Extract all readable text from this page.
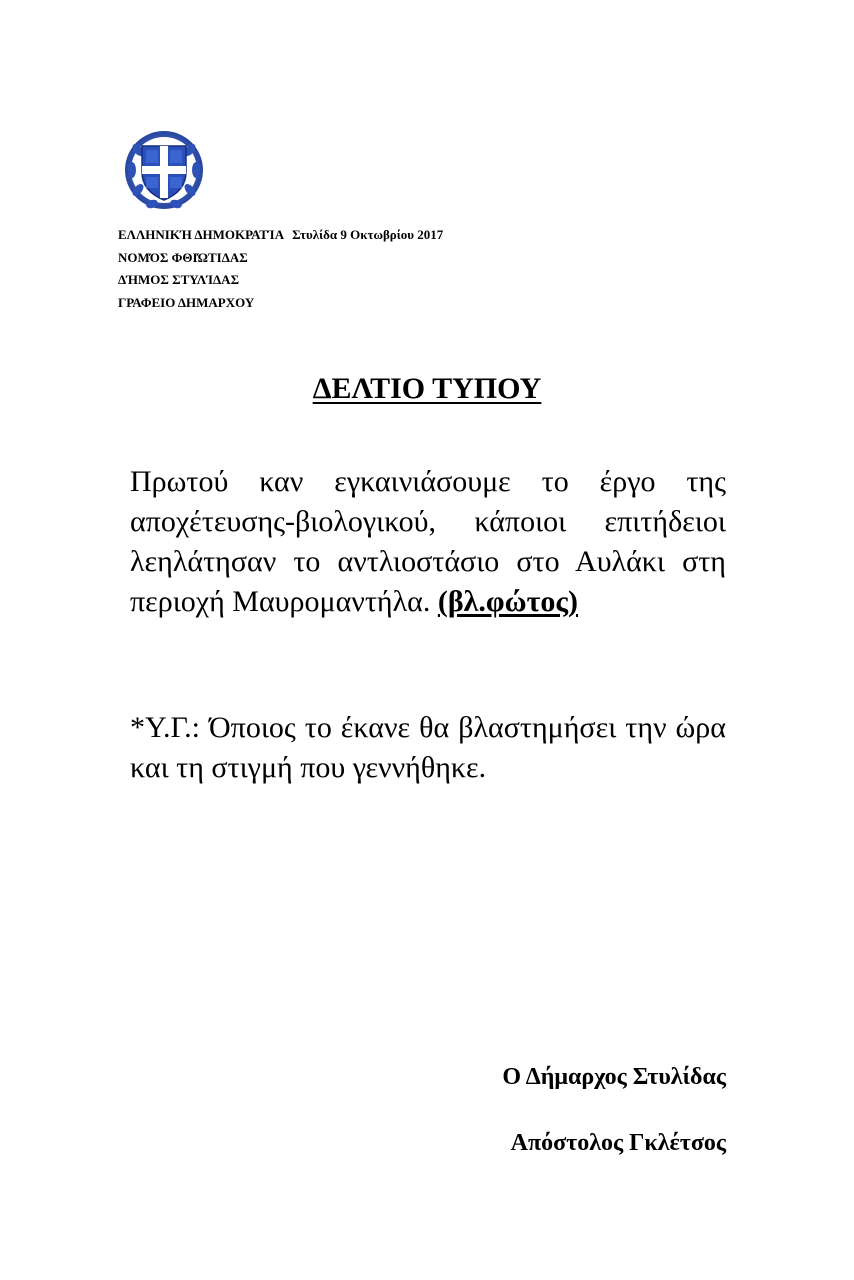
ΕΛΛΗΝΙΚΉ ΔΗΜΟΚΡΑΤΊΑ Στυλίδα 9 Οκτωβρίου 2017
ΝΟΜΌΣ ΦΘΙΏΤΙΔΑΣ
ΔΉΜΟΣ ΣΤΥΛΊΔΑΣ
ΓΡΑΦΕΙΟ ΔΗΜΑΡΧΟΥ
ΔΕΛΤΙΟ ΤΥΠΟΥ

Πρωτού καν εγκαινιάσουμε το έργο της αποχέτευσης-βιολογικού, κάποιοι επιτήδειοι λεηλάτησαν το αντλιοστάσιο στο Αυλάκι στη περιοχή Μαυρομαντήλα. (βλ.φώτος)

*Υ.Γ.: Όποιος το έκανε θα βλαστημήσει την ώρα και τη στιγμή που γεννήθηκε.

Ο Δήμαρχος Στυλίδας
Απόστολος Γκλέτσος
